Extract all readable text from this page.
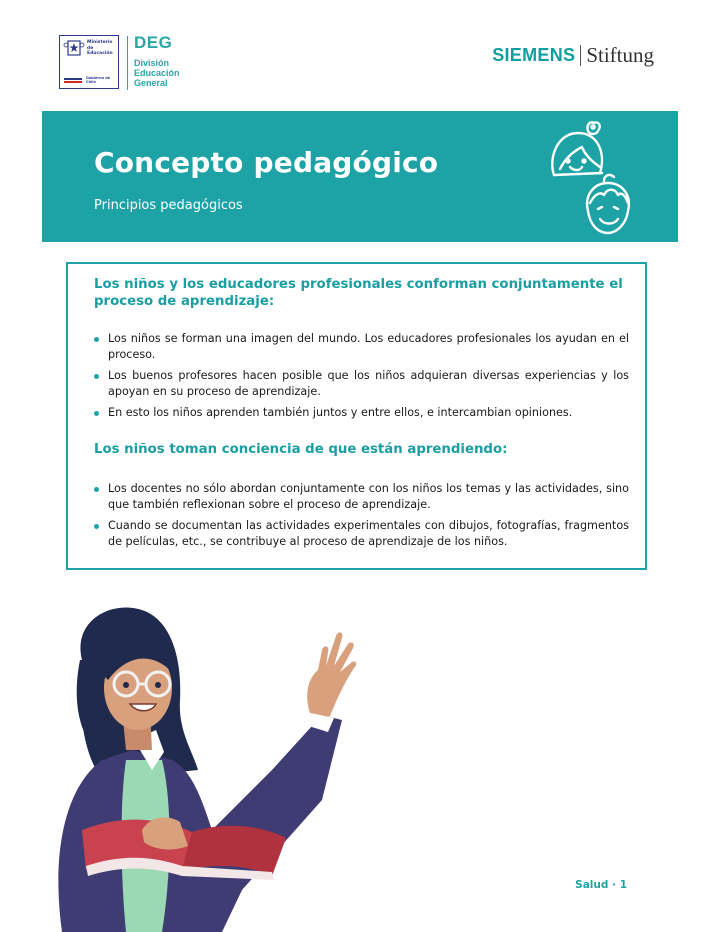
Ministerio de Educación
Gobierno de Chile
DEG
División Educación General
SIEMENS Stiftung
Concepto pedagógico
Principios pedagógicos
Los niños y los educadores profesionales conforman conjuntamente el proceso de aprendizaje:
Los niños se forman una imagen del mundo. Los educadores profesionales los ayudan en el proceso.
Los buenos profesores hacen posible que los niños adquieran diversas experiencias y los apoyan en su proceso de aprendizaje.
En esto los niños aprenden también juntos y entre ellos, e intercambian opiniones.
Los niños toman conciencia de que están aprendiendo:
Los docentes no sólo abordan conjuntamente con los niños los temas y las actividades, sino que también reflexionan sobre el proceso de aprendizaje.
Cuando se documentan las actividades experimentales con dibujos, fotografías, fragmentos de películas, etc., se contribuye al proceso de aprendizaje de los niños.
Salud · 1
